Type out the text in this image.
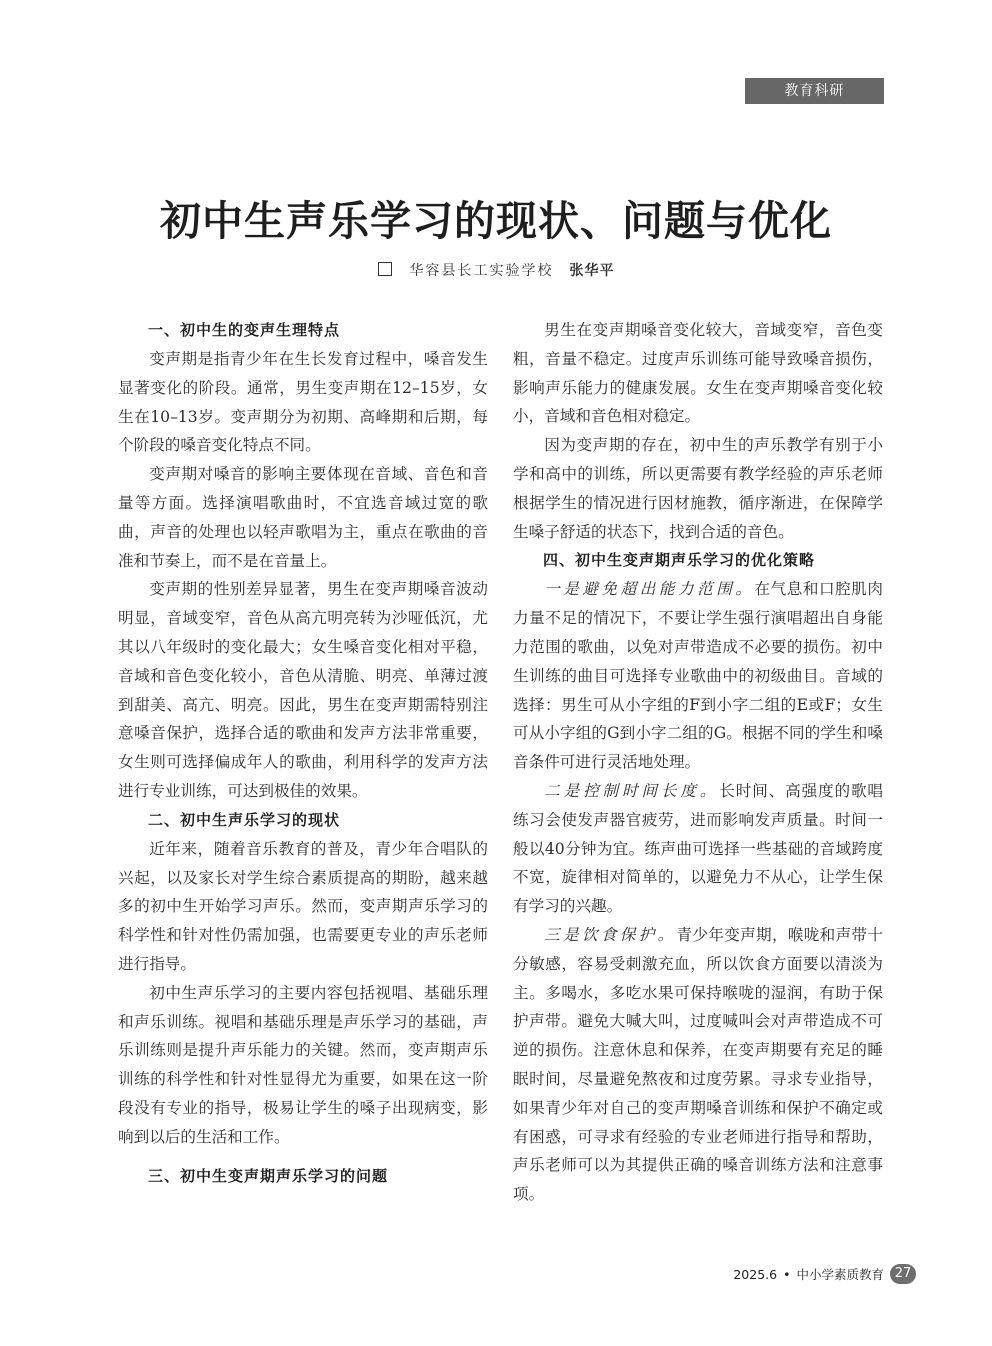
教育科研
初中生声乐学习的现状、问题与优化
华容县长工实验学校 张华平
一、初中生的变声生理特点

变声期是指青少年在生长发育过程中，嗓音发生显著变化的阶段。通常，男生变声期在12–15岁，女生在10–13岁。变声期分为初期、高峰期和后期，每个阶段的嗓音变化特点不同。

变声期对嗓音的影响主要体现在音域、音色和音量等方面。选择演唱歌曲时，不宜选音域过宽的歌曲，声音的处理也以轻声歌唱为主，重点在歌曲的音准和节奏上，而不是在音量上。

变声期的性别差异显著，男生在变声期嗓音波动明显，音域变窄，音色从高亢明亮转为沙哑低沉，尤其以八年级时的变化最大；女生嗓音变化相对平稳，音域和音色变化较小，音色从清脆、明亮、单薄过渡到甜美、高亢、明亮。因此，男生在变声期需特别注意嗓音保护，选择合适的歌曲和发声方法非常重要，女生则可选择偏成年人的歌曲，利用科学的发声方法进行专业训练，可达到极佳的效果。

二、初中生声乐学习的现状

近年来，随着音乐教育的普及，青少年合唱队的兴起，以及家长对学生综合素质提高的期盼，越来越多的初中生开始学习声乐。然而，变声期声乐学习的科学性和针对性仍需加强，也需要更专业的声乐老师进行指导。

初中生声乐学习的主要内容包括视唱、基础乐理和声乐训练。视唱和基础乐理是声乐学习的基础，声乐训练则是提升声乐能力的关键。然而，变声期声乐训练的科学性和针对性显得尤为重要，如果在这一阶段没有专业的指导，极易让学生的嗓子出现病变，影响到以后的生活和工作。

三、初中生变声期声乐学习的问题

男生在变声期嗓音变化较大，音域变窄，音色变粗，音量不稳定。过度声乐训练可能导致嗓音损伤，影响声乐能力的健康发展。女生在变声期嗓音变化较小，音域和音色相对稳定。

因为变声期的存在，初中生的声乐教学有别于小学和高中的训练，所以更需要有教学经验的声乐老师根据学生的情况进行因材施教，循序渐进，在保障学生嗓子舒适的状态下，找到合适的音色。

四、初中生变声期声乐学习的优化策略

一是避免超出能力范围。在气息和口腔肌肉力量不足的情况下，不要让学生强行演唱超出自身能力范围的歌曲，以免对声带造成不必要的损伤。初中生训练的曲目可选择专业歌曲中的初级曲目。音域的选择：男生可从小字组的F到小字二组的E或F；女生可从小字组的G到小字二组的G。根据不同的学生和嗓音条件可进行灵活地处理。

二是控制时间长度。长时间、高强度的歌唱练习会使发声器官疲劳，进而影响发声质量。时间一般以40分钟为宜。练声曲可选择一些基础的音域跨度不宽，旋律相对简单的，以避免力不从心，让学生保有学习的兴趣。

三是饮食保护。青少年变声期，喉咙和声带十分敏感，容易受刺激充血，所以饮食方面要以清淡为主。多喝水，多吃水果可保持喉咙的湿润，有助于保护声带。避免大喊大叫，过度喊叫会对声带造成不可逆的损伤。注意休息和保养，在变声期要有充足的睡眠时间，尽量避免熬夜和过度劳累。寻求专业指导，如果青少年对自己的变声期嗓音训练和保护不确定或有困惑，可寻求有经验的专业老师进行指导和帮助，声乐老师可以为其提供正确的嗓音训练方法和注意事项。

2025.6 • 中小学素质教育 27
